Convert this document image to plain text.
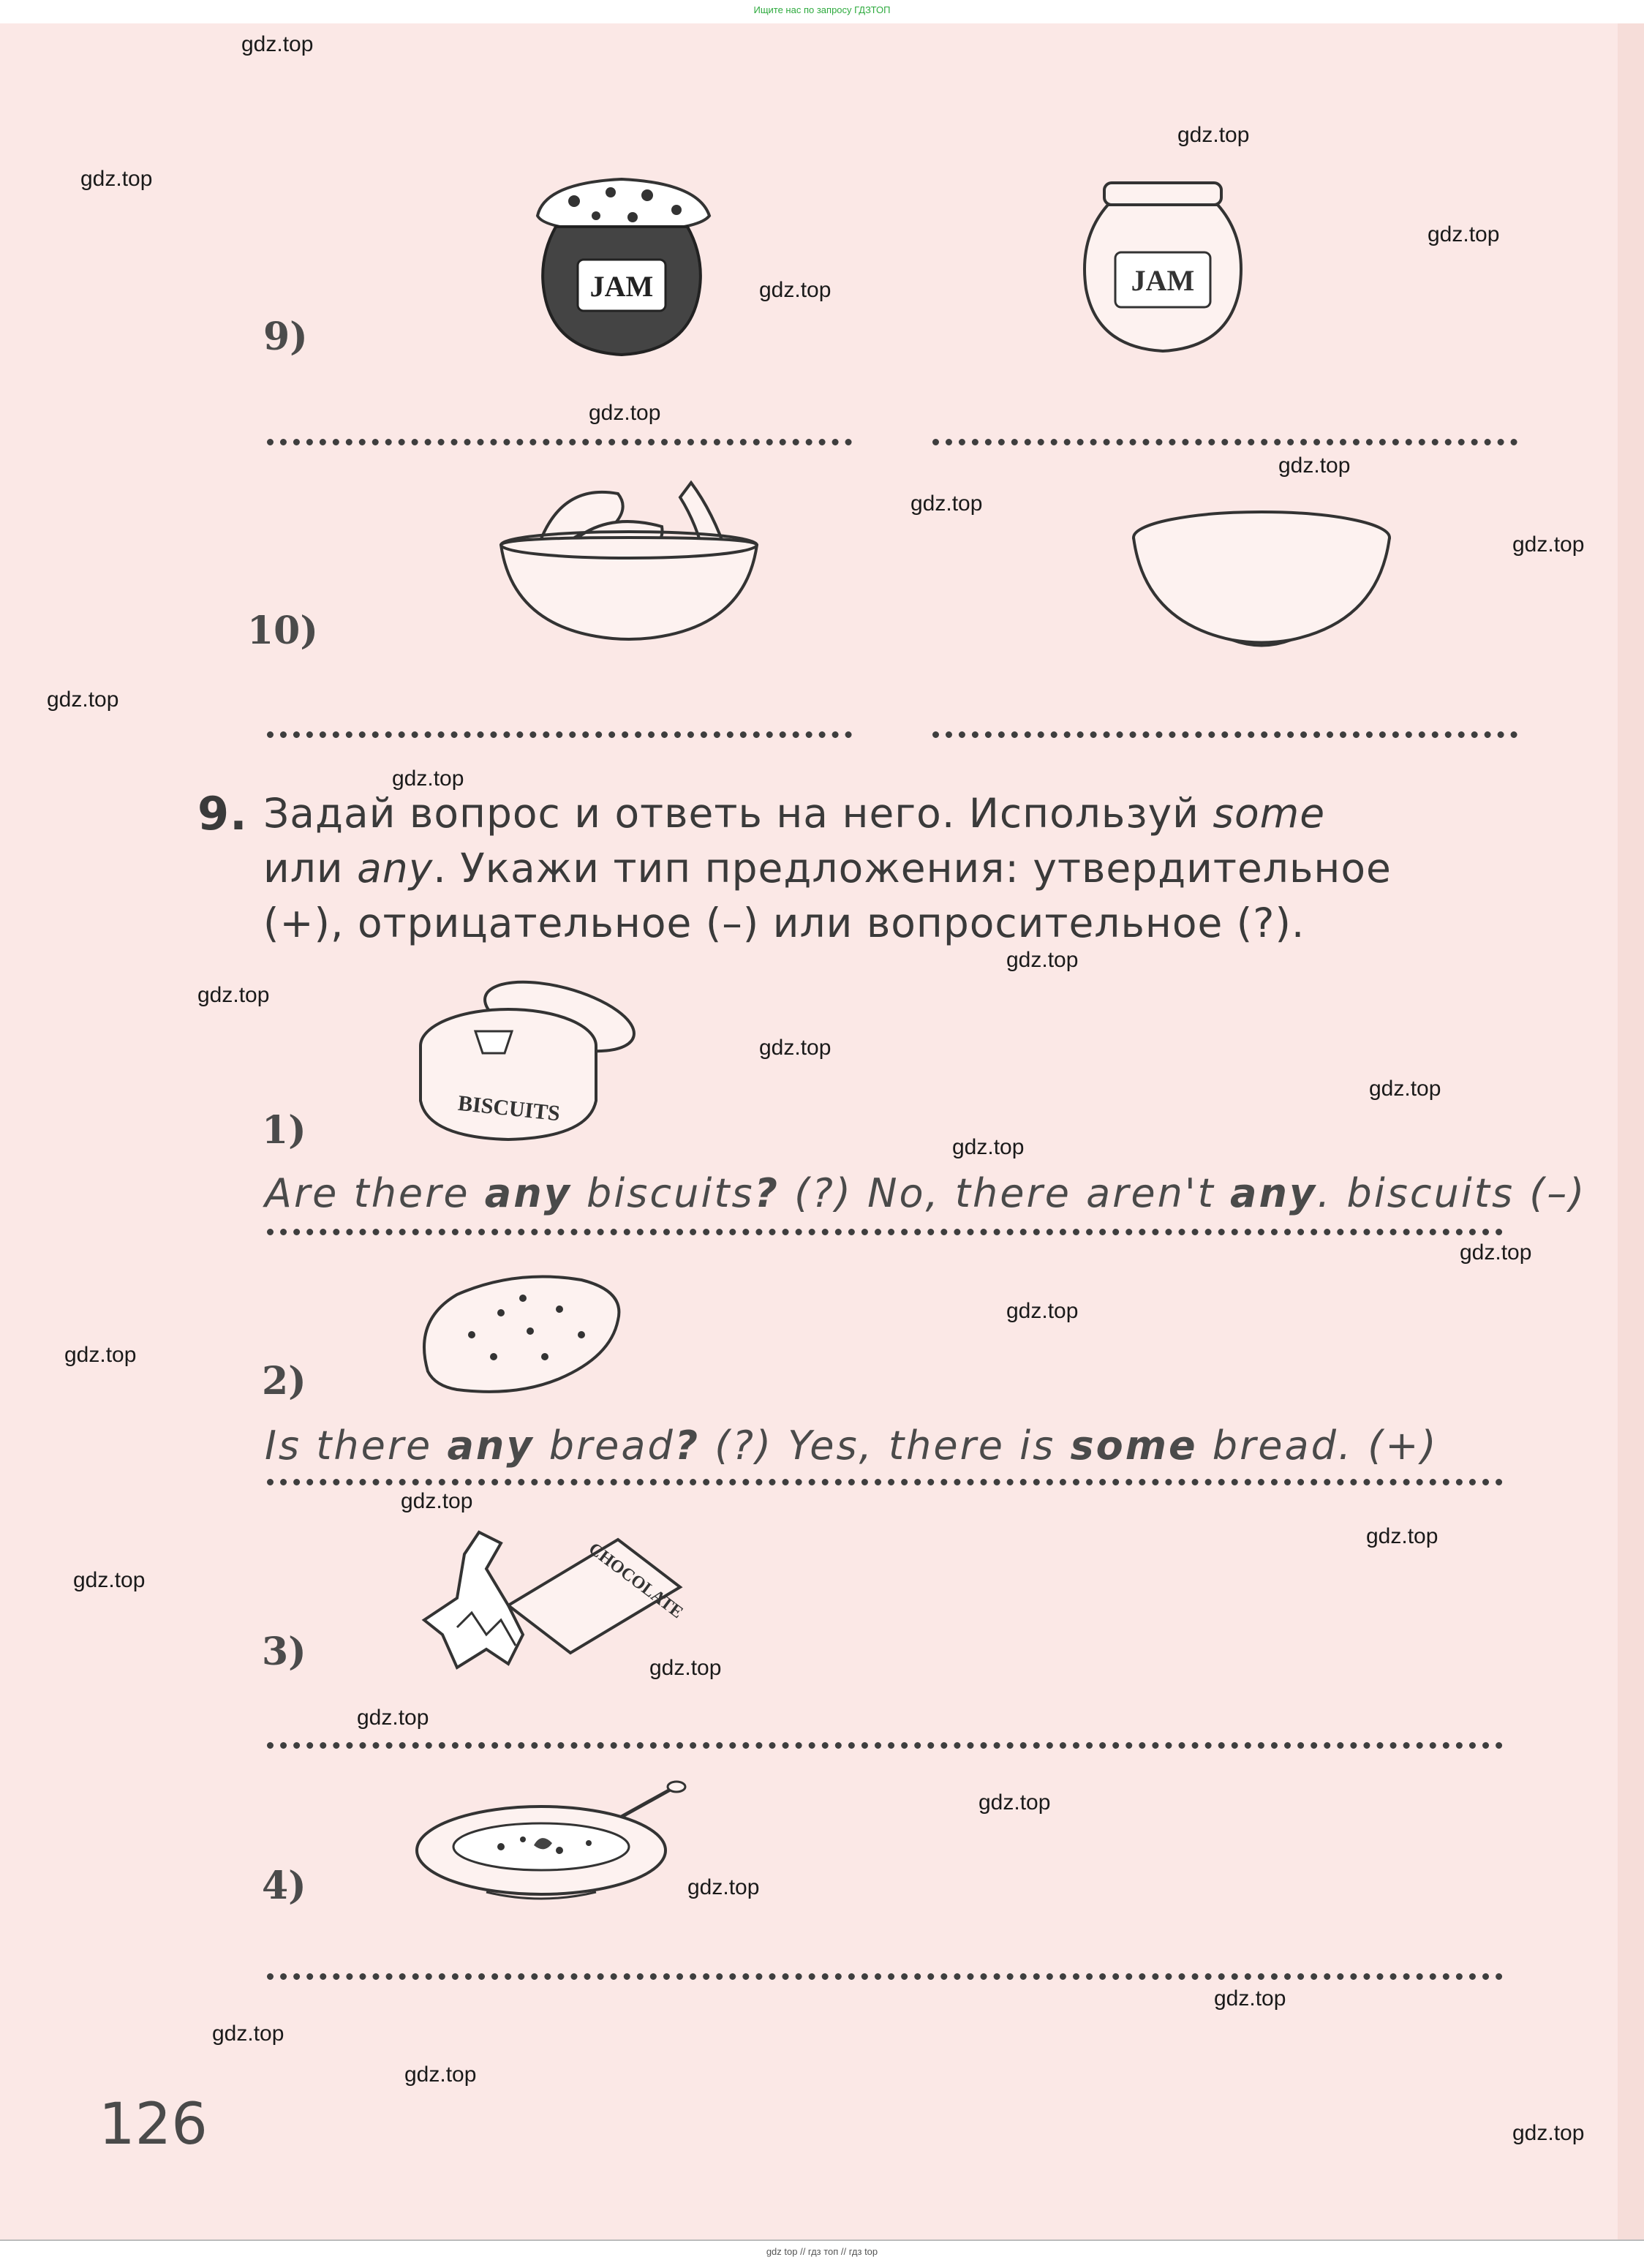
Ищите нас по запросу ГДЗТОП
9)
JAM	JAM
10)
9. Задай вопрос и ответь на него. Используй some
или any. Укажи тип предложения: утвердительное
(+), отрицательное (–) или вопросительное (?).
BISCUITS
1)
Are there any biscuits? (?) No, there aren't any. biscuits (–)
2)
Is there any bread? (?) Yes, there is some bread. (+)
CHOCOLATE
3)
4)
126
gdz.top
gdz.top
gdz.top
gdz.top
gdz.top
gdz.top
gdz.top
gdz.top
gdz.top
gdz.top
gdz.top
gdz.top
gdz.top
gdz.top
gdz.top
gdz.top
gdz.top
gdz.top
gdz.top
gdz.top
gdz.top
gdz.top
gdz.top
gdz.top
gdz.top
gdz.top
gdz.top
gdz.top
gdz.top
gdz.top
gdz top // гдз топ // гдз top
